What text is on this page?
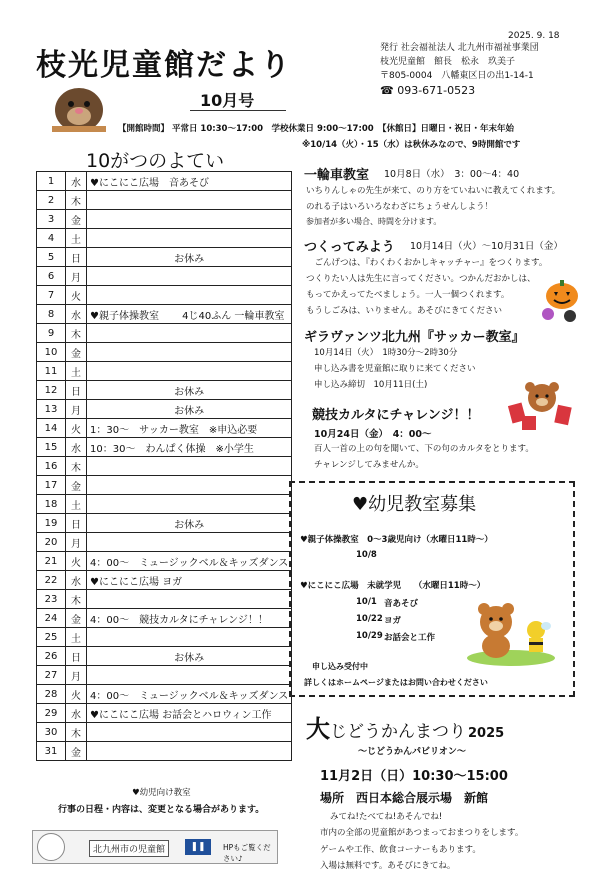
枝光児童館だより
10月号
2025. 9. 18
発行 社会福祉法人 北九州市福祉事業団
枝光児童館　館長　松永　玖美子
〒805-0004　八幡東区日の出1-14-1
☎ 093-671-0523
【開館時間】 平常日 10:30～17:00　学校休業日 9:00～17:00　【休館日】日曜日・祝日・年末年始
※10/14（火）・15（水）は秋休みなので、9時開館です
10がつのよてい
1	水	♥にこにこ広場　音あそび
2	木	
3	金	
4	土	
5	日	お休み
6	月	
7	火	
8	水	♥親子体操教室　　 4じ40ふん 一輪車教室
9	木	
10	金	
11	土	
12	日	お休み
13	月	お休み
14	火	1：30～　サッカー教室　※申込必要
15	水	10：30～　わんぱく体操　※小学生
16	木	
17	金	
18	土	
19	日	お休み
20	月	
21	火	4：00～　ミュージックベル＆キッズダンス
22	水	♥にこにこ広場 ヨガ
23	木	
24	金	4：00～　競技カルタにチャレンジ！！
25	土	
26	日	お休み
27	月	
28	火	4：00～　ミュージックベル＆キッズダンス
29	水	♥にこにこ広場 お話会とハロウィン工作
30	木	
31	金	
♥幼児向け教室
行事の日程・内容は、変更となる場合があります。
北九州市の児童館	❚❚	HPもご覧ください♪
一輪車教室 10月8日（水）　3：00～4：40
いちりんしゃの先生が来て、のり方をていねいに教えてくれます。
のれる子はいろいろなわざにちょうせんしよう！
参加者が多い場合、時間を分けます。
つくってみよう 10月14日（火）～10月31日（金）
　ごんげつは、『わくわくおかしキャッチャー』をつくります。
つくりたい人は先生に言ってください。つかんだおかしは、
もってかえってたべましょう。一人一個つくれます。
もうしごみは、いりません。あそびにきてください
ギラヴァンツ北九州『サッカー教室』
10月14日（火）　1時30分～2時30分
申し込み書を児童館に取りに来てください
申し込み締切　10月11日(土)
競技カルタにチャレンジ！！
10月24日（金）　4：00～
百人一首の上の句を聞いて、下の句のカルタをとります。
チャレンジしてみませんか。
♥幼児教室募集
♥親子体操教室　0～3歳児向け（水曜日11時～）
10/8
♥にこにこ広場　未就学児　　（水曜日11時～）
10/1 音あそび
10/22 ヨガ
10/29 お話会と工作
申し込み受付中
詳しくはホームページまたはお問い合わせください
大じどうかんまつり 2025
～じどうかんパビリオン～
11月2日（日）10:30～15:00
場所　西日本総合展示場　新館
みてね!たべてね!あそんでね!
市内の全部の児童館があつまっておまつりをします。
ゲームや工作、飲食コーナーもあります。
入場は無料です。あそびにきてね。
